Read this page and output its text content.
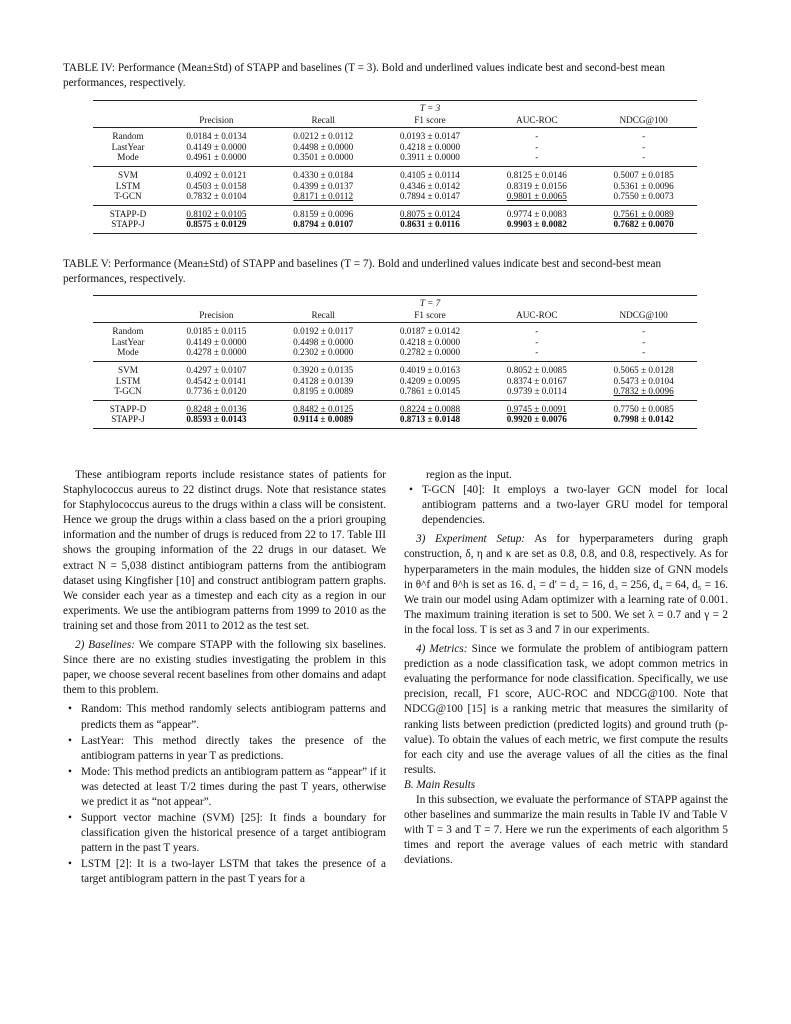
TABLE IV: Performance (Mean±Std) of STAPP and baselines (T = 3). Bold and underlined values indicate best and second-best mean performances, respectively.
	T = 3				
	Precision	Recall	F1 score	AUC-ROC	NDCG@100
Random	0.0184 ± 0.0134	0.0212 ± 0.0112	0.0193 ± 0.0147	-	-
LastYear	0.4149 ± 0.0000	0.4498 ± 0.0000	0.4218 ± 0.0000	-	-
Mode	0.4961 ± 0.0000	0.3501 ± 0.0000	0.3911 ± 0.0000	-	-
SVM	0.4092 ± 0.0121	0.4330 ± 0.0184	0.4105 ± 0.0114	0.8125 ± 0.0146	0.5007 ± 0.0185
LSTM	0.4503 ± 0.0158	0.4399 ± 0.0137	0.4346 ± 0.0142	0.8319 ± 0.0156	0.5361 ± 0.0096
T-GCN	0.7832 ± 0.0104	0.8171 ± 0.0112	0.7894 ± 0.0147	0.9801 ± 0.0065	0.7550 ± 0.0073
STAPP-D	0.8102 ± 0.0105	0.8159 ± 0.0096	0.8075 ± 0.0124	0.9774 ± 0.0083	0.7561 ± 0.0089
STAPP-J	0.8575 ± 0.0129	0.8794 ± 0.0107	0.8631 ± 0.0116	0.9903 ± 0.0082	0.7682 ± 0.0070
TABLE V: Performance (Mean±Std) of STAPP and baselines (T = 7). Bold and underlined values indicate best and second-best mean performances, respectively.
	T = 7				
	Precision	Recall	F1 score	AUC-ROC	NDCG@100
Random	0.0185 ± 0.0115	0.0192 ± 0.0117	0.0187 ± 0.0142	-	-
LastYear	0.4149 ± 0.0000	0.4498 ± 0.0000	0.4218 ± 0.0000	-	-
Mode	0.4278 ± 0.0000	0.2302 ± 0.0000	0.2782 ± 0.0000	-	-
SVM	0.4297 ± 0.0107	0.3920 ± 0.0135	0.4019 ± 0.0163	0.8052 ± 0.0085	0.5065 ± 0.0128
LSTM	0.4542 ± 0.0141	0.4128 ± 0.0139	0.4209 ± 0.0095	0.8374 ± 0.0167	0.5473 ± 0.0104
T-GCN	0.7736 ± 0.0120	0.8195 ± 0.0089	0.7861 ± 0.0145	0.9739 ± 0.0114	0.7832 ± 0.0096
STAPP-D	0.8248 ± 0.0136	0.8482 ± 0.0125	0.8224 ± 0.0088	0.9745 ± 0.0091	0.7750 ± 0.0085
STAPP-J	0.8593 ± 0.0143	0.9114 ± 0.0089	0.8713 ± 0.0148	0.9920 ± 0.0076	0.7998 ± 0.0142

These antibiogram reports include resistance states of patients for Staphylococcus aureus to 22 distinct drugs. Note that resistance states for Staphylococcus aureus to the drugs within a class will be consistent. Hence we group the drugs within a class based on the a priori grouping information and the number of drugs is reduced from 22 to 17. Table III shows the grouping information of the 22 drugs in our dataset. We extract N = 5,038 distinct antibiogram patterns from the antibiogram dataset using Kingfisher [10] and construct antibiogram pattern graphs. We consider each year as a timestep and each city as a region in our experiments. We use the antibiogram patterns from 1999 to 2010 as the training set and those from 2011 to 2012 as the test set.

2) Baselines: We compare STAPP with the following six baselines. Since there are no existing studies investigating the problem in this paper, we choose several recent baselines from other domains and adapt them to this problem.

• Random: This method randomly selects antibiogram patterns and predicts them as “appear”.
• LastYear: This method directly takes the presence of the antibiogram patterns in year T as predictions.
• Mode: This method predicts an antibiogram pattern as “appear” if it was detected at least T/2 times during the past T years, otherwise we predict it as “not appear”.
• Support vector machine (SVM) [25]: It finds a boundary for classification given the historical presence of a target antibiogram pattern in the past T years.
• LSTM [2]: It is a two-layer LSTM that takes the presence of a target antibiogram pattern in the past T years for a

region as the input.

• T-GCN [40]: It employs a two-layer GCN model for local antibiogram patterns and a two-layer GRU model for temporal dependencies.

3) Experiment Setup: As for hyperparameters during graph construction, δ, η and κ are set as 0.8, 0.8, and 0.8, respectively. As for hyperparameters in the main modules, the hidden size of GNN models in θ^f and θ^h is set as 16. d₁ = d′ = d₂ = 16, d₃ = 256, d₄ = 64, d₅ = 16. We train our model using Adam optimizer with a learning rate of 0.001. The maximum training iteration is set to 500. We set λ = 0.7 and γ = 2 in the focal loss. T is set as 3 and 7 in our experiments.

4) Metrics: Since we formulate the problem of antibiogram pattern prediction as a node classification task, we adopt common metrics in evaluating the performance for node classification. Specifically, we use precision, recall, F1 score, AUC-ROC and NDCG@100. Note that NDCG@100 [15] is a ranking metric that measures the similarity of ranking lists between prediction (predicted logits) and ground truth (p-value). To obtain the values of each metric, we first compute the results for each city and use the average values of all the cities as the final results.

B. Main Results

In this subsection, we evaluate the performance of STAPP against the other baselines and summarize the main results in Table IV and Table V with T = 3 and T = 7. Here we run the experiments of each algorithm 5 times and report the average values of each metric with standard deviations.
